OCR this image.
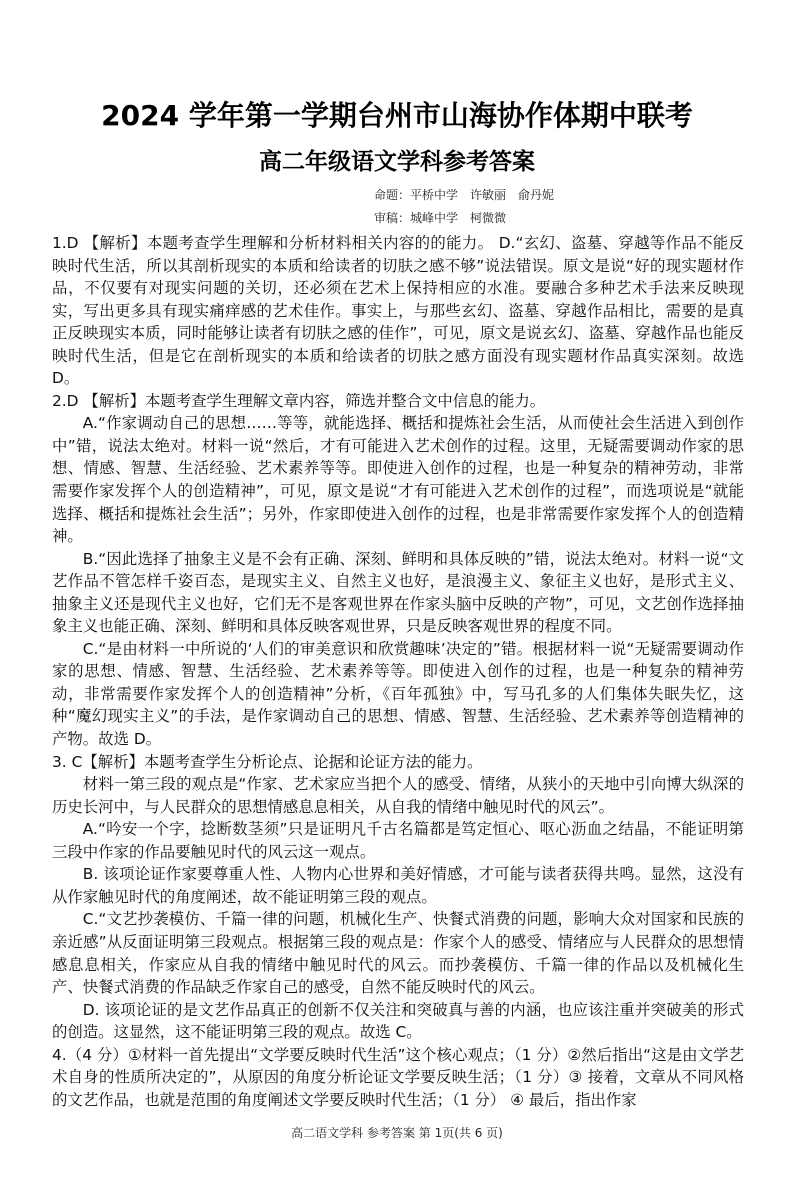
2024 学年第一学期台州市山海协作体期中联考
高二年级语文学科参考答案
命题：平桥中学　许敏丽　俞丹妮
审稿：城峰中学　柯微微

1.D 【解析】本题考查学生理解和分析材料相关内容的的能力。 D.“玄幻、盗墓、穿越等作品不能反映时代生活，所以其剖析现实的本质和给读者的切肤之感不够”说法错误。原文是说“好的现实题材作品，不仅要有对现实问题的关切，还必须在艺术上保持相应的水准。要融合多种艺术手法来反映现实，写出更多具有现实痛痒感的艺术佳作。事实上，与那些玄幻、盗墓、穿越作品相比，需要的是真正反映现实本质，同时能够让读者有切肤之感的佳作”，可见，原文是说玄幻、盗墓、穿越作品也能反映时代生活，但是它在剖析现实的本质和给读者的切肤之感方面没有现实题材作品真实深刻。故选 D。

2.D 【解析】本题考查学生理解文章内容，筛选并整合文中信息的能力。

A.“作家调动自己的思想……等等，就能选择、概括和提炼社会生活，从而使社会生活进入到创作中”错，说法太绝对。材料一说“然后，才有可能进入艺术创作的过程。这里，无疑需要调动作家的思想、情感、智慧、生活经验、艺术素养等等。即使进入创作的过程，也是一种复杂的精神劳动，非常需要作家发挥个人的创造精神”，可见，原文是说“才有可能进入艺术创作的过程”，而选项说是“就能选择、概括和提炼社会生活”；另外，作家即使进入创作的过程，也是非常需要作家发挥个人的创造精神。

B.“因此选择了抽象主义是不会有正确、深刻、鲜明和具体反映的”错，说法太绝对。材料一说“文艺作品不管怎样千姿百态，是现实主义、自然主义也好，是浪漫主义、象征主义也好，是形式主义、抽象主义还是现代主义也好，它们无不是客观世界在作家头脑中反映的产物”，可见，文艺创作选择抽象主义也能正确、深刻、鲜明和具体反映客观世界，只是反映客观世界的程度不同。

C.“是由材料一中所说的‘人们的审美意识和欣赏趣味’决定的”错。根据材料一说“无疑需要调动作家的思想、情感、智慧、生活经验、艺术素养等等。即使进入创作的过程，也是一种复杂的精神劳动，非常需要作家发挥个人的创造精神”分析，《百年孤独》中，写马孔多的人们集体失眠失忆，这种“魔幻现实主义”的手法，是作家调动自己的思想、情感、智慧、生活经验、艺术素养等创造精神的产物。故选 D。

3. C【解析】本题考查学生分析论点、论据和论证方法的能力。

材料一第三段的观点是“作家、艺术家应当把个人的感受、情绪，从狭小的天地中引向博大纵深的历史长河中，与人民群众的思想情感息息相关，从自我的情绪中触见时代的风云”。

A.“吟安一个字，捻断数茎须”只是证明凡千古名篇都是笃定恒心、呕心沥血之结晶，不能证明第三段中作家的作品要触见时代的风云这一观点。

B. 该项论证作家要尊重人性、人物内心世界和美好情感，才可能与读者获得共鸣。显然，这没有从作家触见时代的角度阐述，故不能证明第三段的观点。

C.“文艺抄袭模仿、千篇一律的问题，机械化生产、快餐式消费的问题，影响大众对国家和民族的亲近感”从反面证明第三段观点。根据第三段的观点是：作家个人的感受、情绪应与人民群众的思想情感息息相关，作家应从自我的情绪中触见时代的风云。而抄袭模仿、千篇一律的作品以及机械化生产、快餐式消费的作品缺乏作家自己的感受，自然不能反映时代的风云。

D. 该项论证的是文艺作品真正的创新不仅关注和突破真与善的内涵，也应该注重并突破美的形式的创造。这显然，这不能证明第三段的观点。故选 C。

4.（4 分）①材料一首先提出“文学要反映时代生活”这个核心观点；（1 分）②然后指出“这是由文学艺术自身的性质所决定的”，从原因的角度分析论证文学要反映生活；（1 分）③ 接着，文章从不同风格的文艺作品，也就是范围的角度阐述文学要反映时代生活；（1 分） ④ 最后，指出作家

高二语文学科 参考答案 第 1页(共 6 页)
